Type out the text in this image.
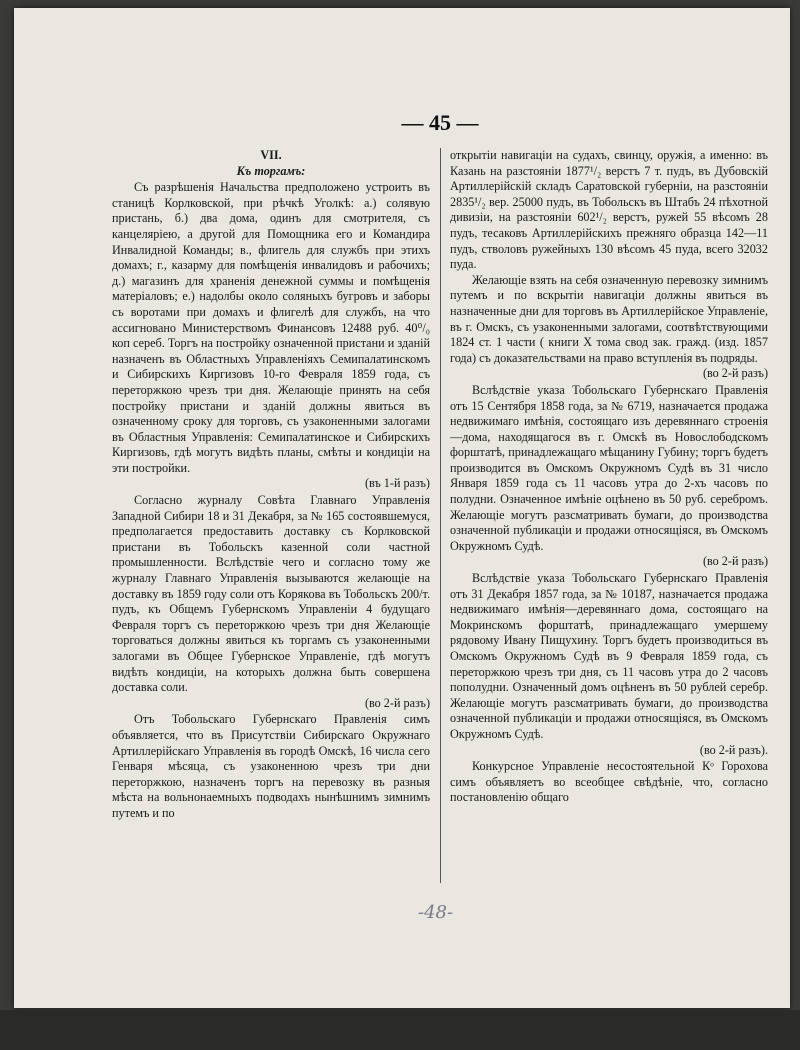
— 45 —

VII.

Къ торгамъ:

Съ разрѣшенія Начальства предположено устроить въ станицѣ Корлковской, при рѣчкѣ Уголкѣ: а.) солявую пристань, б.) два дома, одинъ для смотрителя, съ канцеляріею, а другой для Помощника его и Командира Инвалидной Команды; в., флигель для службъ при этихъ домахъ; г., казарму для помѣщенія инвалидовъ и рабочихъ; д.) магазинъ для храненія денежной суммы и помѣщенія матеріаловъ; е.) надолбы около соляныхъ бугровъ и заборы съ воротами при домахъ и флигелѣ для службъ, на что ассигновано Министерствомъ Финансовъ 12488 руб. 40⁰/₀ коп сереб. Торгъ на постройку означенной пристани и зданій назначенъ въ Областныхъ Управленіяхъ Семипалатинскомъ и Сибирскихъ Киргизовъ 10-го Февраля 1859 года, съ переторжкою чрезъ три дня. Желающіе принять на себя постройку пристани и зданій должны явиться въ означенному сроку для торговъ, съ узаконенными залогами въ Областныя Управленія: Семипалатинское и Сибирскихъ Киргизовъ, гдѣ могутъ видѣть планы, смѣты и кондиціи на эти постройки.

(въ 1-й разъ)

Согласно журналу Совѣта Главнаго Управленія Западной Сибири 18 и 31 Декабря, за № 165 состоявшемуся, предполагается предоставить доставку съ Корлковской пристани въ Тобольскъ казенной соли частной промышленности. Вслѣдствіе чего и согласно тому же журналу Главнаго Управленія вызываются желающіе на доставку въ 1859 году соли отъ Корякова въ Тобольскъ 200/т. пудъ, къ Общемъ Губернскомъ Управленіи 4 будущаго Февраля торгъ съ переторжкою чрезъ три дня Желающіе торговаться должны явиться къ торгамъ съ узаконенными залогами въ Общее Губернское Управленіе, гдѣ могутъ видѣть кондиціи, на которыхъ должна быть совершена доставка соли.

(во 2-й разъ)

Отъ Тобольскаго Губернскаго Правленія симъ объявляется, что въ Присутствіи Сибирскаго Окружнаго Артиллерійскаго Управленія въ городѣ Омскѣ, 16 числа сего Генваря мѣсяца, съ узаконенною чрезъ три дни переторжкою, назначенъ торгъ на перевозку въ разныя мѣста на вольнонаемныхъ подводахъ нынѣшнимъ зимнимъ путемъ и по

открытіи навигаціи на судахъ, свинцу, оружія, а именно: въ Казань на разстояніи 1877¹/₂ верстъ 7 т. пудъ, въ Дубовскій Артиллерійскій складъ Саратовской губерніи, на разстояніи 2835¹/₂ вер. 25000 пудъ, въ Тобольскъ въ Штабъ 24 пѣхотной дивизіи, на разстояніи 602¹/₂ верстъ, ружей 55 вѣсомъ 28 пудъ, тесаковъ Артиллерійскихъ прежняго образца 142—11 пудъ, стволовъ ружейныхъ 130 вѣсомъ 45 пуда, всего 32032 пуда.

Желающіе взять на себя означенную перевозку зимнимъ путемъ и по вскрытіи навигаціи должны явиться въ назначенные дни для торговъ въ Артиллерійское Управленіе, въ г. Омскъ, съ узаконенными залогами, соотвѣтствующими 1824 ст. 1 части ( книги Х тома свод зак. гражд. (изд. 1857 года) съ доказательствами на право вступленія въ подряды.

(во 2-й разъ)

Вслѣдствіе указа Тобольскаго Губернскаго Правленія отъ 15 Сентября 1858 года, за № 6719, назначается продажа недвижимаго имѣнія, состоящаго изъ деревяннаго строенія—дома, находящагося въ г. Омскѣ въ Новослободскомъ форштатѣ, принадлежащаго мѣщанину Губину; торгъ будетъ производится въ Омскомъ Окружномъ Судѣ въ 31 число Января 1859 года съ 11 часовъ утра до 2-хъ часовъ по полудни. Означенное имѣніе оцѣнено въ 50 руб. серебромъ. Желающіе могутъ разсматривать бумаги, до производства означенной публикаціи и продажи относящіяся, въ Омскомъ Окружномъ Судѣ.

(во 2-й разъ)

Вслѣдствіе указа Тобольскаго Губернскаго Правленія отъ 31 Декабря 1857 года, за № 10187, назначается продажа недвижимаго имѣнія—деревяннаго дома, состоящаго на Мокринскомъ форштатѣ, принадлежащаго умершему рядовому Ивану Пищухину. Торгъ будетъ производиться въ Омскомъ Окружномъ Судѣ въ 9 Февраля 1859 года, съ переторжкою чрезъ три дня, съ 11 часовъ утра до 2 часовъ пополудни. Означенный домъ оцѣненъ въ 50 рублей серебр. Желающіе могутъ разсматривать бумаги, до производства означенной публикаціи и продажи относящіяся, въ Омскомъ Окружномъ Судѣ.

(во 2-й разъ).

Конкурсное Управленіе несостоятельной Кᵒ Горохова симъ объявляетъ во всеобщее свѣдѣніе, что, согласно постановленію общаго

-48-
